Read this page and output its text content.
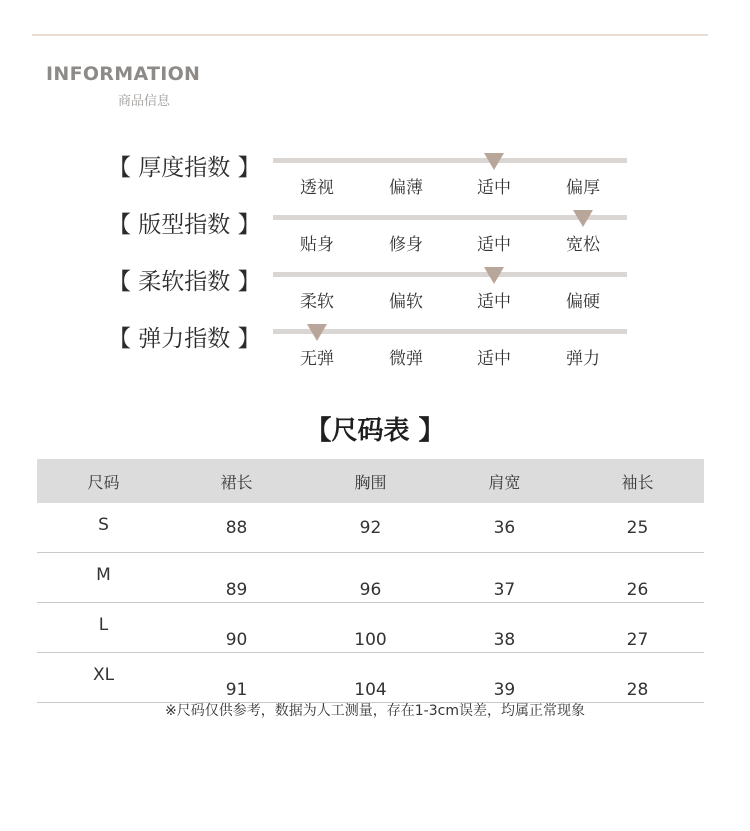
INFORMATION
商品信息
【 厚度指数 】
透视	偏薄	适中	偏厚
【 版型指数 】
贴身	修身	适中	宽松
【 柔软指数 】
柔软	偏软	适中	偏硬
【 弹力指数 】
无弹	微弹	适中	弹力
【尺码表 】
尺码	裙长	胸围	肩宽	袖长
S	88	92	36	25
M	89	96	37	26
L	90	100	38	27
XL	91	104	39	28
※尺码仅供参考，数据为人工测量，存在1-3cm误差，均属正常现象
